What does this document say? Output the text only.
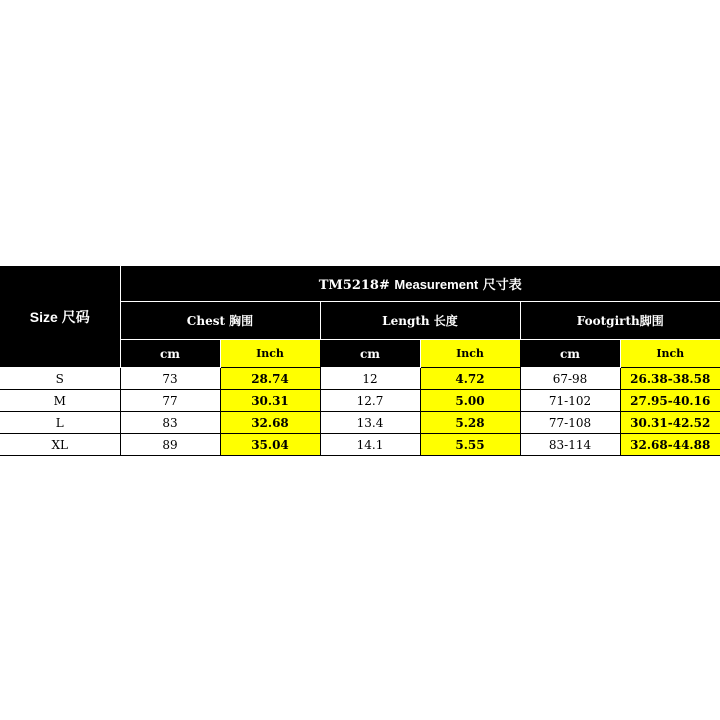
Size 尺码	TM5218# Measurement 尺寸表					
	Chest 胸围		Length 长度		Footgirth脚围	
	cm	Inch	cm	Inch	cm	Inch
S	73	28.74	12	4.72	67-98	26.38-38.58
M	77	30.31	12.7	5.00	71-102	27.95-40.16
L	83	32.68	13.4	5.28	77-108	30.31-42.52
XL	89	35.04	14.1	5.55	83-114	32.68-44.88
